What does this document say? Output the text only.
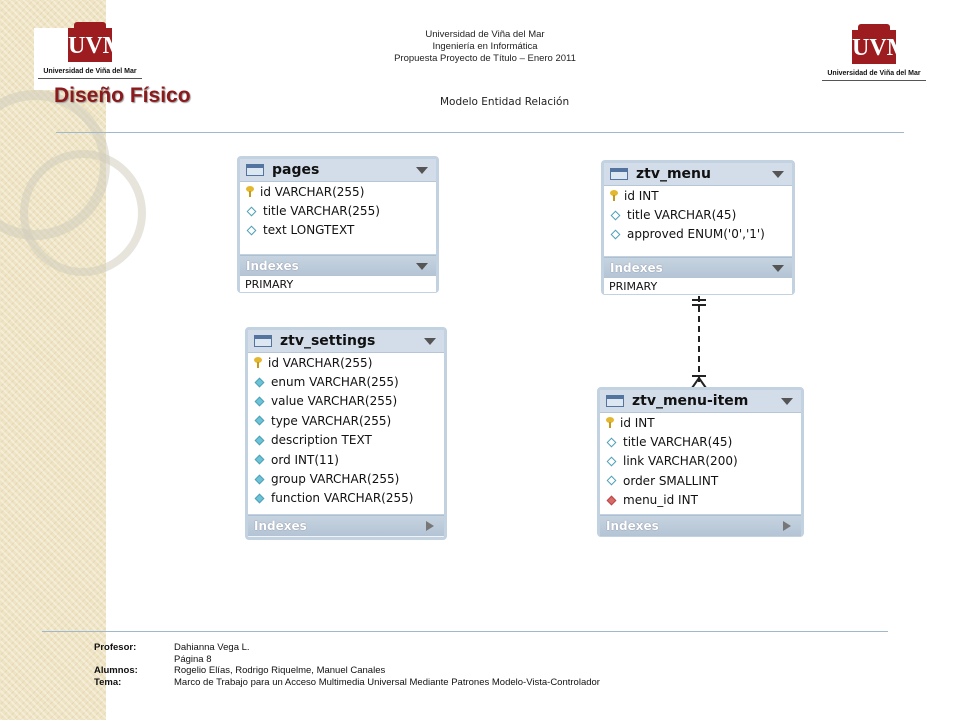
UVM
Universidad de Viña del Mar
UVM
Universidad de Viña del Mar
Universidad de Viña del Mar
Ingeniería en Informática
Propuesta Proyecto de Título – Enero 2011
Diseño Físico	Modelo Entidad Relación
pages
id VARCHAR(255)
title VARCHAR(255)
text LONGTEXT
Indexes
PRIMARY
ztv_menu
id INT
title VARCHAR(45)
approved ENUM('0','1')
Indexes
PRIMARY
ztv_settings
id VARCHAR(255)
enum VARCHAR(255)
value VARCHAR(255)
type VARCHAR(255)
description TEXT
ord INT(11)
group VARCHAR(255)
function VARCHAR(255)
Indexes
ztv_menu-item
id INT
title VARCHAR(45)
link VARCHAR(200)
order SMALLINT
menu_id INT
Indexes
Profesor:	Dahianna Vega L.
Página 8
Alumnos:	Rogelio Elías, Rodrigo Riquelme, Manuel Canales
Tema:	Marco de Trabajo para un Acceso Multimedia Universal Mediante Patrones Modelo-Vista-Controlador
